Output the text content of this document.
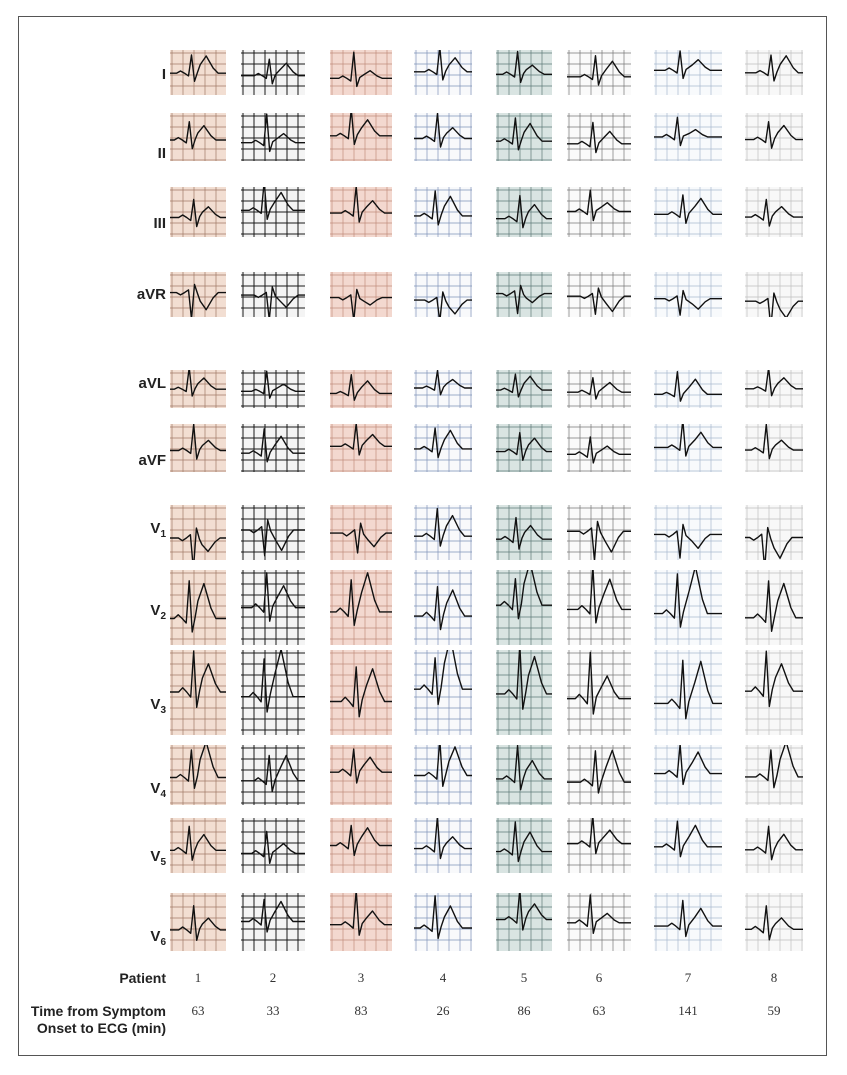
I
II
III
aVR
aVL
aVF
$V_1$
$V_2$
$V_3$
$V_4$
$V_5$
$V_6$
Patient
Time from Symptom
Onset to ECG (min)
1
63
2
33
3
83
4
26
5
86
6
63
7
141
8
59
